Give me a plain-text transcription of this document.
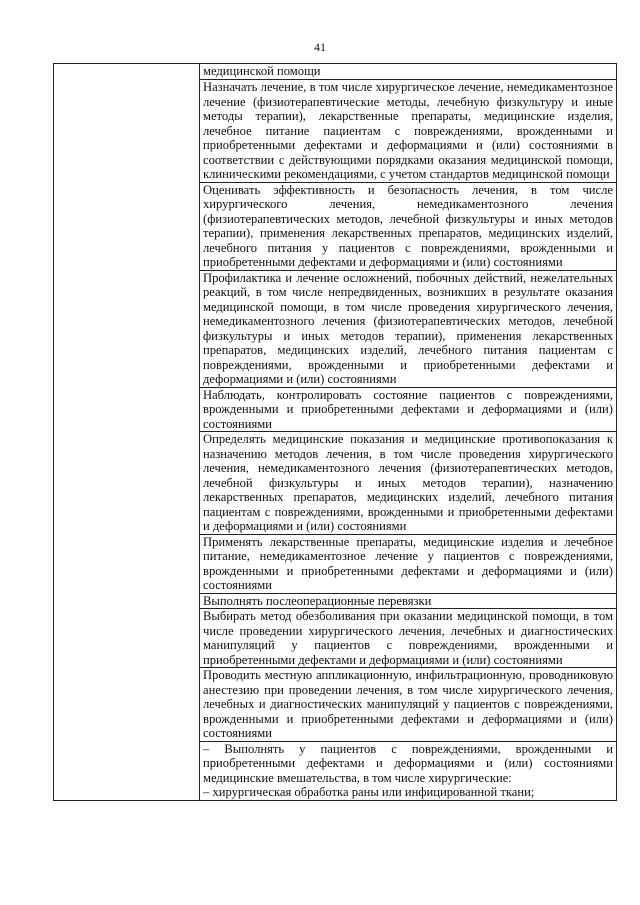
41

медицинской помощи
Назначать лечение, в том числе хирургическое лечение, немедикаментозное лечение (физиотерапевтические методы, лечебную физкультуру и иные методы терапии), лекарственные препараты, медицинские изделия, лечебное питание пациентам с повреждениями, врожденными и приобретенными дефектами и деформациями и (или) состояниями в соответствии с действующими порядками оказания медицинской помощи, клиническими рекомендациями, с учетом стандартов медицинской помощи
Оценивать эффективность и безопасность лечения, в том числе хирургического лечения, немедикаментозного лечения (физиотерапевтических методов, лечебной физкультуры и иных методов терапии), применения лекарственных препаратов, медицинских изделий, лечебного питания у пациентов с повреждениями, врожденными и приобретенными дефектами и деформациями и (или) состояниями
Профилактика и лечение осложнений, побочных действий, нежелательных реакций, в том числе непредвиденных, возникших в результате оказания медицинской помощи, в том числе проведения хирургического лечения, немедикаментозного лечения (физиотерапевтических методов, лечебной физкультуры и иных методов терапии), применения лекарственных препаратов, медицинских изделий, лечебного питания пациентам с повреждениями, врожденными и приобретенными дефектами и деформациями и (или) состояниями
Наблюдать, контролировать состояние пациентов с повреждениями, врожденными и приобретенными дефектами и деформациями и (или) состояниями
Определять медицинские показания и медицинские противопоказания к назначению методов лечения, в том числе проведения хирургического лечения, немедикаментозного лечения (физиотерапевтических методов, лечебной физкультуры и иных методов терапии), назначению лекарственных препаратов, медицинских изделий, лечебного питания пациентам с повреждениями, врожденными и приобретенными дефектами и деформациями и (или) состояниями
Применять лекарственные препараты, медицинские изделия и лечебное питание, немедикаментозное лечение у пациентов с повреждениями, врожденными и приобретенными дефектами и деформациями и (или) состояниями
Выполнять послеоперационные перевязки
Выбирать метод обезболивания при оказании медицинской помощи, в том числе проведении хирургического лечения, лечебных и диагностических манипуляций у пациентов с повреждениями, врожденными и приобретенными дефектами и деформациями и (или) состояниями
Проводить местную аппликационную, инфильтрационную, проводниковую анестезию при проведении лечения, в том числе хирургического лечения, лечебных и диагностических манипуляций у пациентов с повреждениями, врожденными и приобретенными дефектами и деформациями и (или) состояниями
– Выполнять у пациентов с повреждениями, врожденными и приобретенными дефектами и деформациями и (или) состояниями медицинские вмешательства, в том числе хирургические:
– хирургическая обработка раны или инфицированной ткани;
